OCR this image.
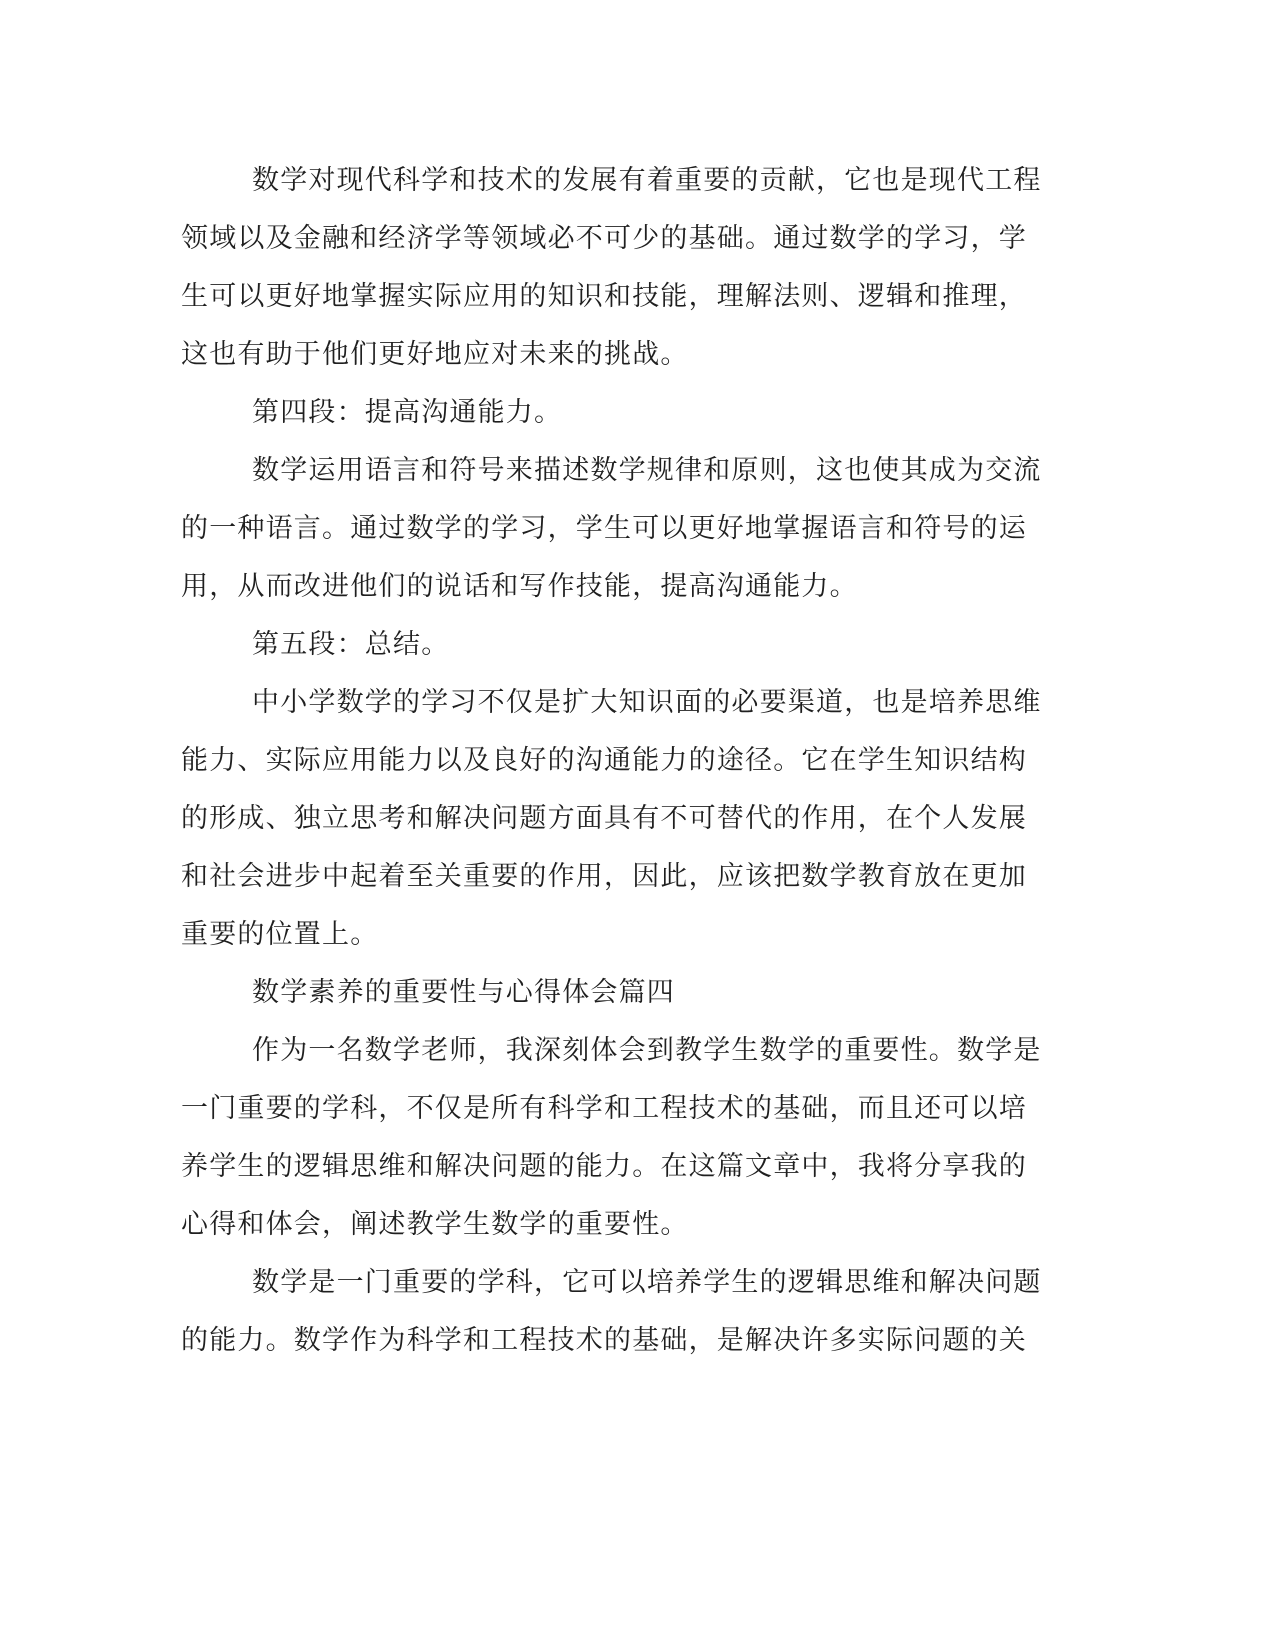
数学对现代科学和技术的发展有着重要的贡献，它也是现代工程
领域以及金融和经济学等领域必不可少的基础。通过数学的学习，学
生可以更好地掌握实际应用的知识和技能，理解法则、逻辑和推理，
这也有助于他们更好地应对未来的挑战。
第四段：提高沟通能力。
数学运用语言和符号来描述数学规律和原则，这也使其成为交流
的一种语言。通过数学的学习，学生可以更好地掌握语言和符号的运
用，从而改进他们的说话和写作技能，提高沟通能力。
第五段：总结。
中小学数学的学习不仅是扩大知识面的必要渠道，也是培养思维
能力、实际应用能力以及良好的沟通能力的途径。它在学生知识结构
的形成、独立思考和解决问题方面具有不可替代的作用，在个人发展
和社会进步中起着至关重要的作用，因此，应该把数学教育放在更加
重要的位置上。
数学素养的重要性与心得体会篇四
作为一名数学老师，我深刻体会到教学生数学的重要性。数学是
一门重要的学科，不仅是所有科学和工程技术的基础，而且还可以培
养学生的逻辑思维和解决问题的能力。在这篇文章中，我将分享我的
心得和体会，阐述教学生数学的重要性。
数学是一门重要的学科，它可以培养学生的逻辑思维和解决问题
的能力。数学作为科学和工程技术的基础，是解决许多实际问题的关
